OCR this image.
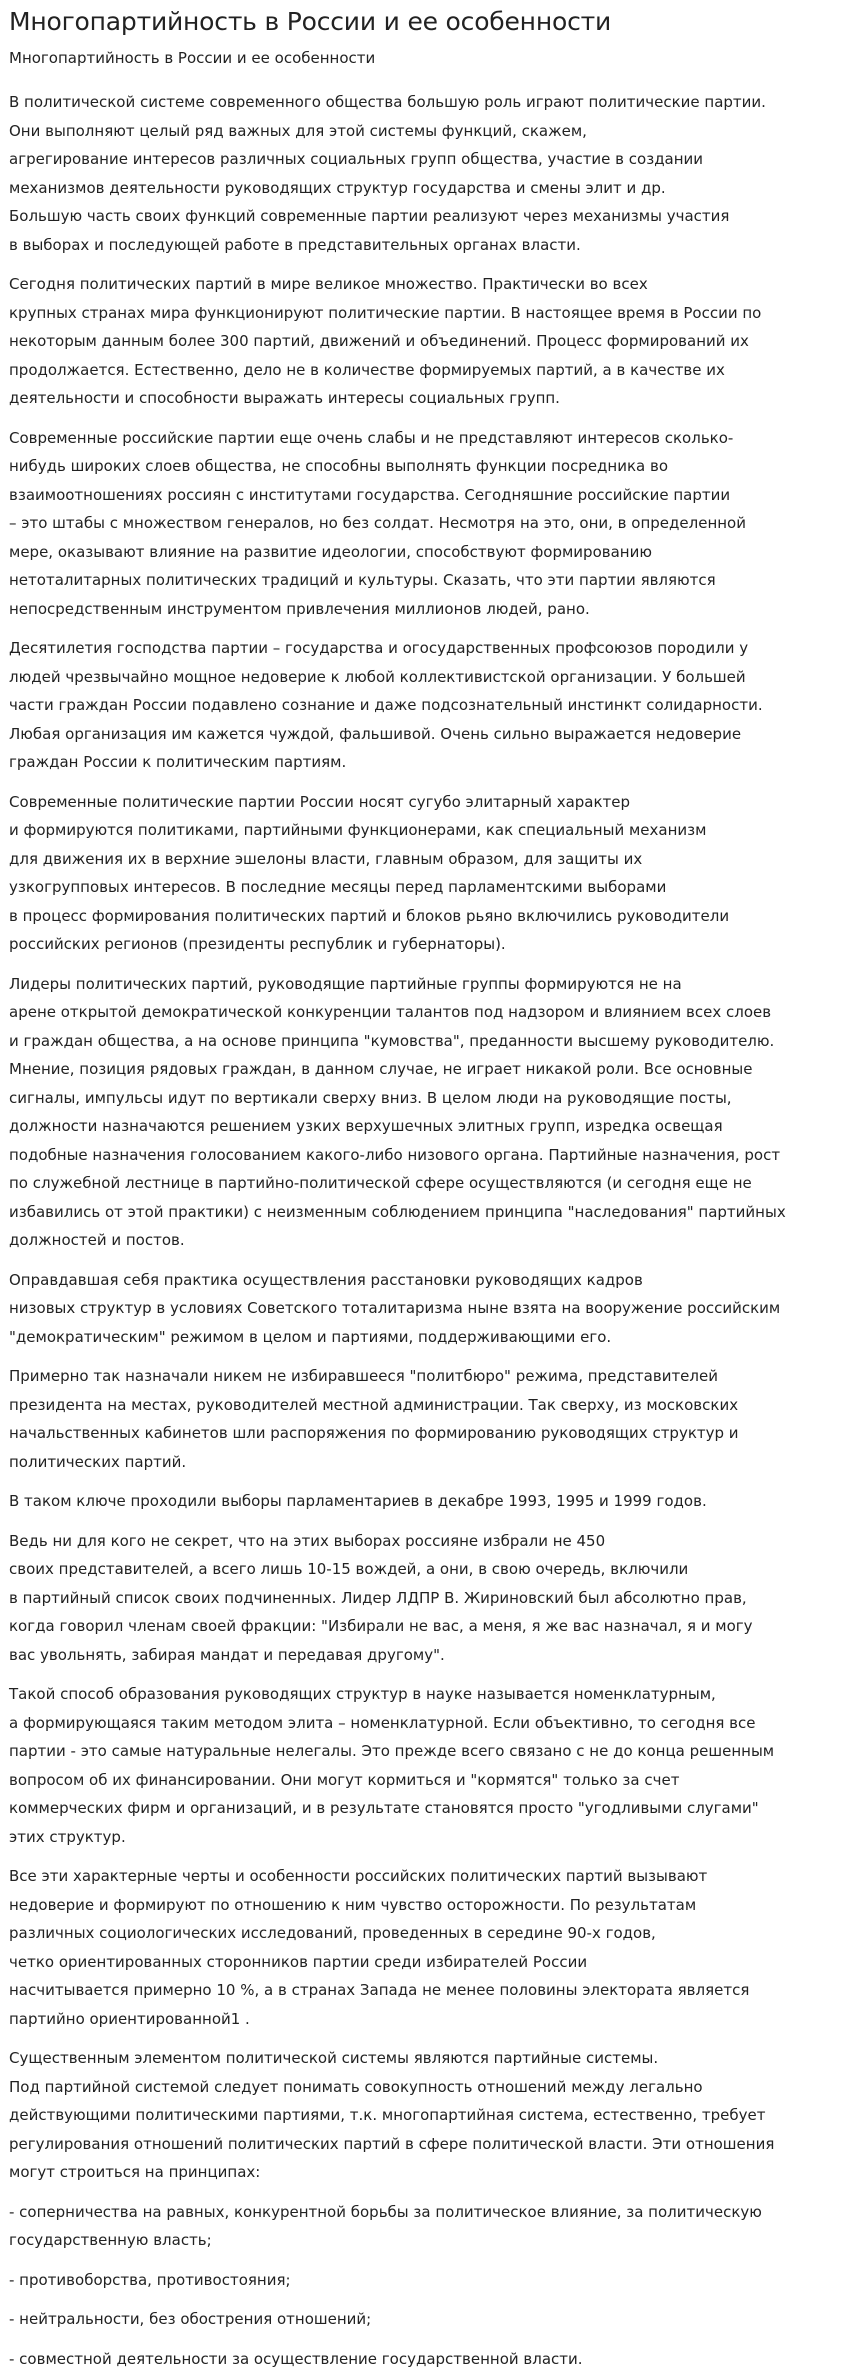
Многопартийность в России и ее особенности
Многопартийность в России и ее особенности

В политической системе современного общества большую роль играют политические партии.
Они выполняют целый ряд важных для этой системы функций, скажем,
агрегирование интересов различных социальных групп общества, участие в создании
механизмов деятельности руководящих структур государства и смены элит и др.
Большую часть своих функций современные партии реализуют через механизмы участия
в выборах и последующей работе в представительных органах власти.

Сегодня политических партий в мире великое множество. Практически во всех
крупных странах мира функционируют политические партии. В настоящее время в России по
некоторым данным более 300 партий, движений и объединений. Процесс формирований их
продолжается. Естественно, дело не в количестве формируемых партий, а в качестве их
деятельности и способности выражать интересы социальных групп.

Современные российские партии еще очень слабы и не представляют интересов сколько-
нибудь широких слоев общества, не способны выполнять функции посредника во
взаимоотношениях россиян с институтами государства. Сегодняшние российские партии
– это штабы с множеством генералов, но без солдат. Несмотря на это, они, в определенной
мере, оказывают влияние на развитие идеологии, способствуют формированию
нетоталитарных политических традиций и культуры. Сказать, что эти партии являются
непосредственным инструментом привлечения миллионов людей, рано.

Десятилетия господства партии – государства и огосударственных профсоюзов породили у
людей чрезвычайно мощное недоверие к любой коллективистской организации. У большей
части граждан России подавлено сознание и даже подсознательный инстинкт солидарности.
Любая организация им кажется чуждой, фальшивой. Очень сильно выражается недоверие
граждан России к политическим партиям.

Современные политические партии России носят сугубо элитарный характер
и формируются политиками, партийными функционерами, как специальный механизм
для движения их в верхние эшелоны власти, главным образом, для защиты их
узкогрупповых интересов. В последние месяцы перед парламентскими выборами
в процесс формирования политических партий и блоков рьяно включились руководители
российских регионов (президенты республик и губернаторы).

Лидеры политических партий, руководящие партийные группы формируются не на
арене открытой демократической конкуренции талантов под надзором и влиянием всех слоев
и граждан общества, а на основе принципа "кумовства", преданности высшему руководителю.
Мнение, позиция рядовых граждан, в данном случае, не играет никакой роли. Все основные
сигналы, импульсы идут по вертикали сверху вниз. В целом люди на руководящие посты,
должности назначаются решением узких верхушечных элитных групп, изредка освещая
подобные назначения голосованием какого-либо низового органа. Партийные назначения, рост
по служебной лестнице в партийно-политической сфере осуществляются (и сегодня еще не
избавились от этой практики) с неизменным соблюдением принципа "наследования" партийных
должностей и постов.

Оправдавшая себя практика осуществления расстановки руководящих кадров
низовых структур в условиях Советского тоталитаризма ныне взята на вооружение российским
"демократическим" режимом в целом и партиями, поддерживающими его.

Примерно так назначали никем не избиравшееся "политбюро" режима, представителей
президента на местах, руководителей местной администрации. Так сверху, из московских
начальственных кабинетов шли распоряжения по формированию руководящих структур и
политических партий.

В таком ключе проходили выборы парламентариев в декабре 1993, 1995 и 1999 годов.

Ведь ни для кого не секрет, что на этих выборах россияне избрали не 450
своих представителей, а всего лишь 10-15 вождей, а они, в свою очередь, включили
в партийный список своих подчиненных. Лидер ЛДПР В. Жириновский был абсолютно прав,
когда говорил членам своей фракции: "Избирали не вас, а меня, я же вас назначал, я и могу
вас увольнять, забирая мандат и передавая другому".

Такой способ образования руководящих структур в науке называется номенклатурным,
а формирующаяся таким методом элита – номенклатурной. Если объективно, то сегодня все
партии - это самые натуральные нелегалы. Это прежде всего связано с не до конца решенным
вопросом об их финансировании. Они могут кормиться и "кормятся" только за счет
коммерческих фирм и организаций, и в результате становятся просто "угодливыми слугами"
этих структур.

Все эти характерные черты и особенности российских политических партий вызывают
недоверие и формируют по отношению к ним чувство осторожности. По результатам
различных социологических исследований, проведенных в середине 90-х годов,
четко ориентированных сторонников партии среди избирателей России
насчитывается примерно 10 %, а в странах Запада не менее половины электората является
партийно ориентированной1 .

Существенным элементом политической системы являются партийные системы.
Под партийной системой следует понимать совокупность отношений между легально
действующими политическими партиями, т.к. многопартийная система, естественно, требует
регулирования отношений политических партий в сфере политической власти. Эти отношения
могут строиться на принципах:

- соперничества на равных, конкурентной борьбы за политическое влияние, за политическую
государственную власть;

- противоборства, противостояния;

- нейтральности, без обострения отношений;

- совместной деятельности за осуществление государственной власти.
